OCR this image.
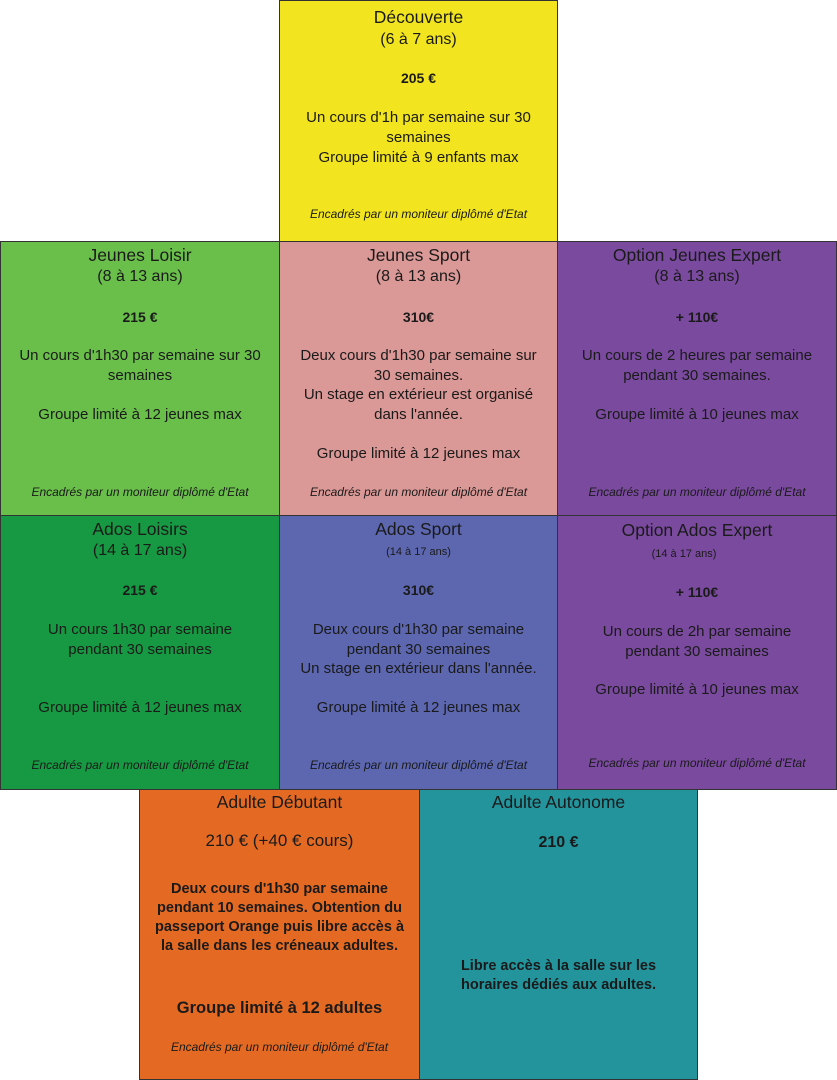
Découverte
(6 à 7 ans)
205 €
Un cours d'1h par semaine sur 30 semaines
Groupe limité à 9 enfants max
Encadrés par un moniteur diplômé d'Etat
Jeunes Loisir
(8 à 13 ans)
215 €
Un cours d'1h30 par semaine sur 30 semaines
Groupe limité à 12 jeunes max
Encadrés par un moniteur diplômé d'Etat
Jeunes Sport
(8 à 13 ans)
310€
Deux cours d'1h30 par semaine sur 30 semaines.
Un stage en extérieur est organisé dans l'année.
Groupe limité à 12 jeunes max
Encadrés par un moniteur diplômé d'Etat
Option Jeunes Expert
(8 à 13 ans)
+ 110€
Un cours de 2 heures par semaine pendant 30 semaines.
Groupe limité à 10 jeunes max
Encadrés par un moniteur diplômé d'Etat
Ados Loisirs
(14 à 17 ans)
215 €
Un cours 1h30 par semaine pendant 30 semaines
Groupe limité à 12 jeunes max
Encadrés par un moniteur diplômé d'Etat
Ados Sport
(14 à 17 ans)
310€
Deux cours d'1h30 par semaine pendant 30 semaines
Un stage en extérieur dans l'année.
Groupe limité à 12 jeunes max
Encadrés par un moniteur diplômé d'Etat
Option Ados Expert
(14 à 17 ans)
+ 110€
Un cours de 2h par semaine pendant 30 semaines
Groupe limité à 10 jeunes max
Encadrés par un moniteur diplômé d'Etat
Adulte Débutant
210 € (+40 € cours)
Deux cours d'1h30 par semaine pendant 10 semaines. Obtention du passeport Orange puis libre accès à la salle dans les créneaux adultes.
Groupe limité à 12 adultes
Encadrés par un moniteur diplômé d'Etat
Adulte Autonome
210 €
Libre accès à la salle sur les horaires dédiés aux adultes.
